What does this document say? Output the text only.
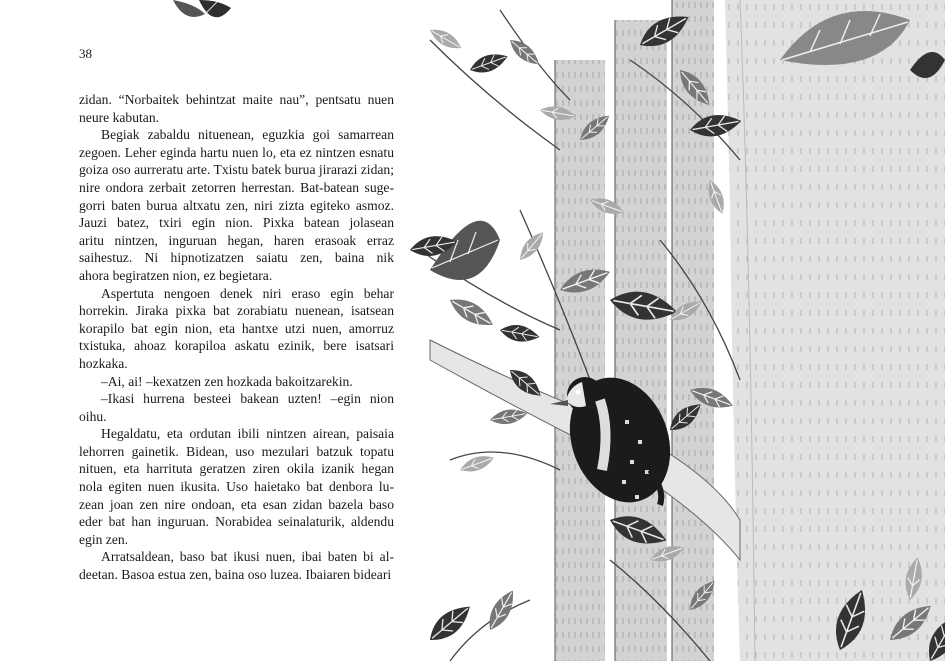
38
zidan. “Norbaitek behintzat maite nau”, pentsatu nuen
neure kabutan.
Begiak zabaldu nituenean, eguzkia goi samarrean
zegoen. Leher eginda hartu nuen lo, eta ez nintzen esnatu
goiza oso aurreratu arte. Txistu batek burua jirarazi zidan;
nire ondora zerbait zetorren herrestan. Bat-batean suge-
gorri baten burua altxatu zen, niri zizta egiteko asmoz.
Jauzi batez, txiri egin nion. Pixka batean jolasean
aritu nintzen, inguruan hegan, haren erasoak erraz
saihestuz. Ni hipnotizatzen saiatu zen, baina nik
ahora begiratzen nion, ez begietara.
Aspertuta nengoen denek niri eraso egin behar
horrekin. Jiraka pixka bat zorabiatu nuenean, isatsean
korapilo bat egin nion, eta hantxe utzi nuen, amorruz
txistuka, ahoaz korapiloa askatu ezinik, bere isatsari
hozkaka.
–Ai, ai! –kexatzen zen hozkada bakoitzarekin.
–Ikasi hurrena besteei bakean uzten! –egin nion
oihu.
Hegaldatu, eta ordutan ibili nintzen airean, paisaia
lehorren gainetik. Bidean, uso mezulari batzuk topatu
nituen, eta harrituta geratzen ziren okila izanik hegan
nola egiten nuen ikusita. Uso haietako bat denbora lu-
zean joan zen nire ondoan, eta esan zidan bazela baso
eder bat han inguruan. Norabidea seinalaturik, aldendu
egin zen.
Arratsaldean, baso bat ikusi nuen, ibai baten bi al-
deetan. Basoa estua zen, baina oso luzea. Ibaiaren bideari
